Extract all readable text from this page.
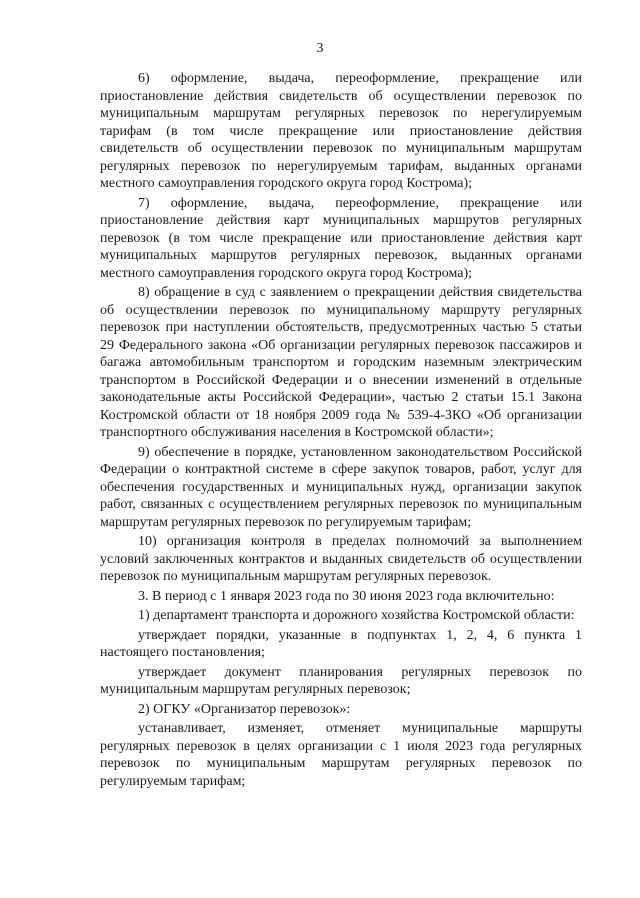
3

6) оформление, выдача, переоформление, прекращение или приостановление действия свидетельств об осуществлении перевозок по муниципальным маршрутам регулярных перевозок по нерегулируемым тарифам (в том числе прекращение или приостановление действия свидетельств об осуществлении перевозок по муниципальным маршрутам регулярных перевозок по нерегулируемым тарифам, выданных органами местного самоуправления городского округа город Кострома);

7) оформление, выдача, переоформление, прекращение или приостановление действия карт муниципальных маршрутов регулярных перевозок (в том числе прекращение или приостановление действия карт муниципальных маршрутов регулярных перевозок, выданных органами местного самоуправления городского округа город Кострома);

8) обращение в суд с заявлением о прекращении действия свидетельства об осуществлении перевозок по муниципальному маршруту регулярных перевозок при наступлении обстоятельств, предусмотренных частью 5 статьи 29 Федерального закона «Об организации регулярных перевозок пассажиров и багажа автомобильным транспортом и городским наземным электрическим транспортом в Российской Федерации и о внесении изменений в отдельные законодательные акты Российской Федерации», частью 2 статьи 15.1 Закона Костромской области от 18 ноября 2009 года № 539-4-ЗКО «Об организации транспортного обслуживания населения в Костромской области»;

9) обеспечение в порядке, установленном законодательством Российской Федерации о контрактной системе в сфере закупок товаров, работ, услуг для обеспечения государственных и муниципальных нужд, организации закупок работ, связанных с осуществлением регулярных перевозок по муниципальным маршрутам регулярных перевозок по регулируемым тарифам;

10) организация контроля в пределах полномочий за выполнением условий заключенных контрактов и выданных свидетельств об осуществлении перевозок по муниципальным маршрутам регулярных перевозок.

3. В период с 1 января 2023 года по 30 июня 2023 года включительно:

1) департамент транспорта и дорожного хозяйства Костромской области:

утверждает порядки, указанные в подпунктах 1, 2, 4, 6 пункта 1 настоящего постановления;

утверждает документ планирования регулярных перевозок по муниципальным маршрутам регулярных перевозок;

2) ОГКУ «Организатор перевозок»:

устанавливает, изменяет, отменяет муниципальные маршруты регулярных перевозок в целях организации с 1 июля 2023 года регулярных перевозок по муниципальным маршрутам регулярных перевозок по регулируемым тарифам;
